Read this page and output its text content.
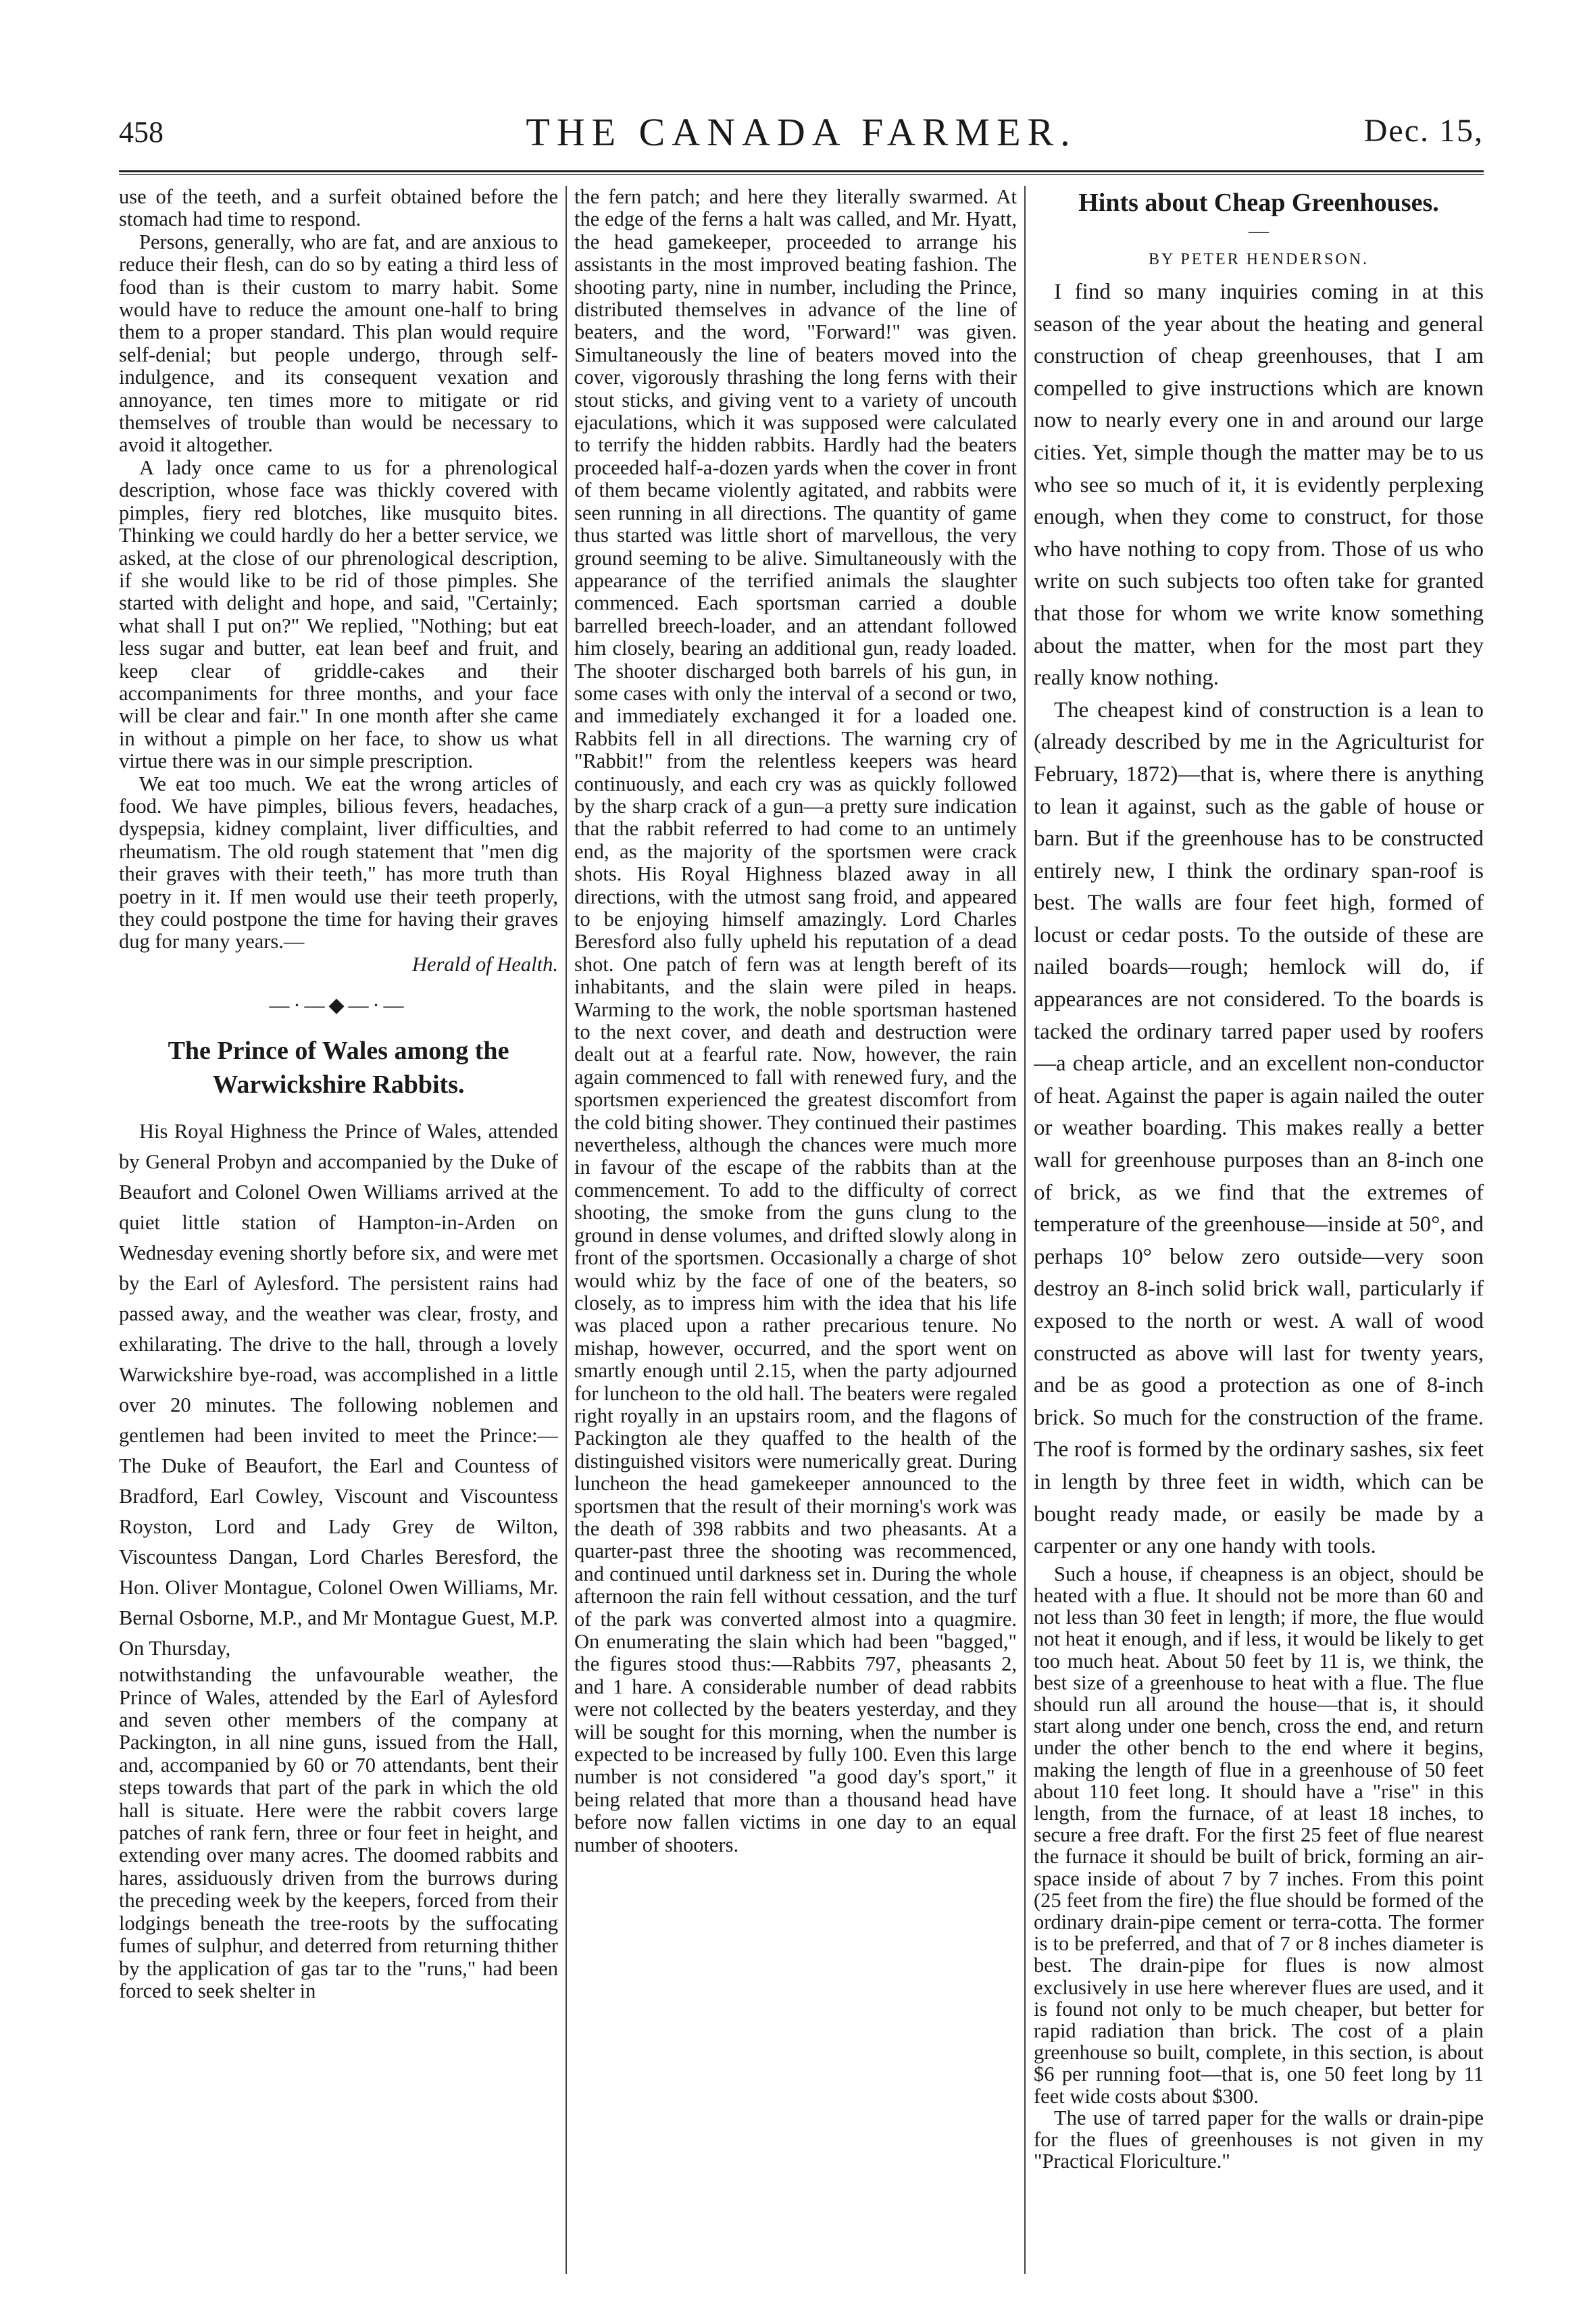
458	THE CANADA FARMER.	Dec. 15,

use of the teeth, and a surfeit obtained before the stomach had time to respond.

Persons, generally, who are fat, and are anxious to reduce their flesh, can do so by eating a third less of food than is their custom to marry habit. Some would have to reduce the amount one-half to bring them to a proper standard. This plan would require self-denial; but people undergo, through self-indulgence, and its consequent vexation and annoyance, ten times more to mitigate or rid themselves of trouble than would be necessary to avoid it altogether.

A lady once came to us for a phrenological description, whose face was thickly covered with pimples, fiery red blotches, like musquito bites. Thinking we could hardly do her a better service, we asked, at the close of our phrenological description, if she would like to be rid of those pimples. She started with delight and hope, and said, "Certainly; what shall I put on?" We replied, "Nothing; but eat less sugar and butter, eat lean beef and fruit, and keep clear of griddle-cakes and their accompaniments for three months, and your face will be clear and fair." In one month after she came in without a pimple on her face, to show us what virtue there was in our simple prescription.

We eat too much. We eat the wrong articles of food. We have pimples, bilious fevers, headaches, dyspepsia, kidney complaint, liver difficulties, and rheumatism. The old rough statement that "men dig their graves with their teeth," has more truth than poetry in it. If men would use their teeth properly, they could postpone the time for having their graves dug for many years.—

Herald of Health.

—·—◆—·—
The Prince of Wales among the Warwickshire Rabbits.

His Royal Highness the Prince of Wales, attended by General Probyn and accompanied by the Duke of Beaufort and Colonel Owen Williams arrived at the quiet little station of Hampton-in-Arden on Wednesday evening shortly before six, and were met by the Earl of Aylesford. The persistent rains had passed away, and the weather was clear, frosty, and exhilarating. The drive to the hall, through a lovely Warwickshire bye-road, was accomplished in a little over 20 minutes. The following noblemen and gentlemen had been invited to meet the Prince:—The Duke of Beaufort, the Earl and Countess of Bradford, Earl Cowley, Viscount and Viscountess Royston, Lord and Lady Grey de Wilton, Viscountess Dangan, Lord Charles Beresford, the Hon. Oliver Montague, Colonel Owen Williams, Mr. Bernal Osborne, M.P., and Mr Montague Guest, M.P. On Thursday,

notwithstanding the unfavourable weather, the Prince of Wales, attended by the Earl of Aylesford and seven other members of the company at Packington, in all nine guns, issued from the Hall, and, accompanied by 60 or 70 attendants, bent their steps towards that part of the park in which the old hall is situate. Here were the rabbit covers large patches of rank fern, three or four feet in height, and extending over many acres. The doomed rabbits and hares, assiduously driven from the burrows during the preceding week by the keepers, forced from their lodgings beneath the tree-roots by the suffocating fumes of sulphur, and deterred from returning thither by the application of gas tar to the "runs," had been forced to seek shelter in

the fern patch; and here they literally swarmed. At the edge of the ferns a halt was called, and Mr. Hyatt, the head gamekeeper, proceeded to arrange his assistants in the most improved beating fashion. The shooting party, nine in number, including the Prince, distributed themselves in advance of the line of beaters, and the word, "Forward!" was given. Simultaneously the line of beaters moved into the cover, vigorously thrashing the long ferns with their stout sticks, and giving vent to a variety of uncouth ejaculations, which it was supposed were calculated to terrify the hidden rabbits. Hardly had the beaters proceeded half-a-dozen yards when the cover in front of them became violently agitated, and rabbits were seen running in all directions. The quantity of game thus started was little short of marvellous, the very ground seeming to be alive. Simultaneously with the appearance of the terrified animals the slaughter commenced. Each sportsman carried a double barrelled breech-loader, and an attendant followed him closely, bearing an additional gun, ready loaded. The shooter discharged both barrels of his gun, in some cases with only the interval of a second or two, and immediately exchanged it for a loaded one. Rabbits fell in all directions. The warning cry of "Rabbit!" from the relentless keepers was heard continuously, and each cry was as quickly followed by the sharp crack of a gun—a pretty sure indication that the rabbit referred to had come to an untimely end, as the majority of the sportsmen were crack shots. His Royal Highness blazed away in all directions, with the utmost sang froid, and appeared to be enjoying himself amazingly. Lord Charles Beresford also fully upheld his reputation of a dead shot. One patch of fern was at length bereft of its inhabitants, and the slain were piled in heaps. Warming to the work, the noble sportsman hastened to the next cover, and death and destruction were dealt out at a fearful rate. Now, however, the rain again commenced to fall with renewed fury, and the sportsmen experienced the greatest discomfort from the cold biting shower. They continued their pastimes nevertheless, although the chances were much more in favour of the escape of the rabbits than at the commencement. To add to the difficulty of correct shooting, the smoke from the guns clung to the ground in dense volumes, and drifted slowly along in front of the sportsmen. Occasionally a charge of shot would whiz by the face of one of the beaters, so closely, as to impress him with the idea that his life was placed upon a rather precarious tenure. No mishap, however, occurred, and the sport went on smartly enough until 2.15, when the party adjourned for luncheon to the old hall. The beaters were regaled right royally in an upstairs room, and the flagons of Packington ale they quaffed to the health of the distinguished visitors were numerically great. During luncheon the head gamekeeper announced to the sportsmen that the result of their morning's work was the death of 398 rabbits and two pheasants. At a quarter-past three the shooting was recommenced, and continued until darkness set in. During the whole afternoon the rain fell without cessation, and the turf of the park was converted almost into a quagmire. On enumerating the slain which had been "bagged," the figures stood thus:—Rabbits 797, pheasants 2, and 1 hare. A considerable number of dead rabbits were not collected by the beaters yesterday, and they will be sought for this morning, when the number is expected to be increased by fully 100. Even this large number is not considered "a good day's sport," it being related that more than a thousand head have before now fallen victims in one day to an equal number of shooters.

Hints about Cheap Greenhouses.
—
BY PETER HENDERSON.

I find so many inquiries coming in at this season of the year about the heating and general construction of cheap greenhouses, that I am compelled to give instructions which are known now to nearly every one in and around our large cities. Yet, simple though the matter may be to us who see so much of it, it is evidently perplexing enough, when they come to construct, for those who have nothing to copy from. Those of us who write on such subjects too often take for granted that those for whom we write know something about the matter, when for the most part they really know nothing.

The cheapest kind of construction is a lean to (already described by me in the Agriculturist for February, 1872)—that is, where there is anything to lean it against, such as the gable of house or barn. But if the greenhouse has to be constructed entirely new, I think the ordinary span-roof is best. The walls are four feet high, formed of locust or cedar posts. To the outside of these are nailed boards—rough; hemlock will do, if appearances are not considered. To the boards is tacked the ordinary tarred paper used by roofers—a cheap article, and an excellent non-conductor of heat. Against the paper is again nailed the outer or weather boarding. This makes really a better wall for greenhouse purposes than an 8-inch one of brick, as we find that the extremes of temperature of the greenhouse—inside at 50°, and perhaps 10° below zero outside—very soon destroy an 8-inch solid brick wall, particularly if exposed to the north or west. A wall of wood constructed as above will last for twenty years, and be as good a protection as one of 8-inch brick. So much for the construction of the frame. The roof is formed by the ordinary sashes, six feet in length by three feet in width, which can be bought ready made, or easily be made by a carpenter or any one handy with tools.

Such a house, if cheapness is an object, should be heated with a flue. It should not be more than 60 and not less than 30 feet in length; if more, the flue would not heat it enough, and if less, it would be likely to get too much heat. About 50 feet by 11 is, we think, the best size of a greenhouse to heat with a flue. The flue should run all around the house—that is, it should start along under one bench, cross the end, and return under the other bench to the end where it begins, making the length of flue in a greenhouse of 50 feet about 110 feet long. It should have a "rise" in this length, from the furnace, of at least 18 inches, to secure a free draft. For the first 25 feet of flue nearest the furnace it should be built of brick, forming an air-space inside of about 7 by 7 inches. From this point (25 feet from the fire) the flue should be formed of the ordinary drain-pipe cement or terra-cotta. The former is to be preferred, and that of 7 or 8 inches diameter is best. The drain-pipe for flues is now almost exclusively in use here wherever flues are used, and it is found not only to be much cheaper, but better for rapid radiation than brick. The cost of a plain greenhouse so built, complete, in this section, is about $6 per running foot—that is, one 50 feet long by 11 feet wide costs about $300.

The use of tarred paper for the walls or drain-pipe for the flues of greenhouses is not given in my "Practical Floriculture."
